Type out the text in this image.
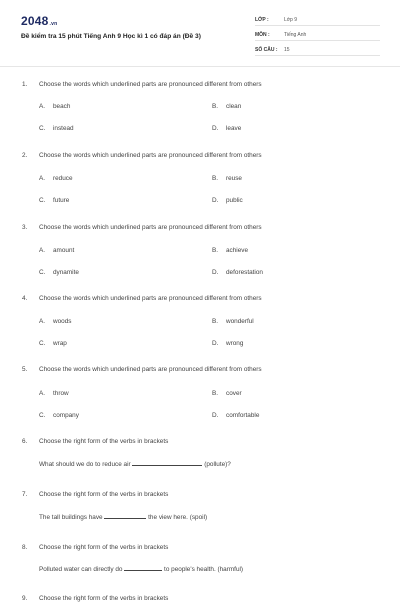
2048.vn
Đề kiểm tra 15 phút Tiếng Anh 9 Học kì 1 có đáp án (Đề 3)
LỚP :	Lớp 9
MÔN :	Tiếng Anh
SỐ CÂU : 15
1. Choose the words which underlined parts are pronounced different from others
A. beach	B. clean
C. instead	D. leave
2. Choose the words which underlined parts are pronounced different from others
A. reduce	B. reuse
C. future	D. public
3. Choose the words which underlined parts are pronounced different from others
A. amount	B. achieve
C. dynamite	D. deforestation
4. Choose the words which underlined parts are pronounced different from others
A. woods	B. wonderful
C. wrap	D. wrong
5. Choose the words which underlined parts are pronounced different from others
A. throw	B. cover
C. company	D. comfortable
6. Choose the right form of the verbs in brackets
What should we do to reduce air	(pollute)?
7. Choose the right form of the verbs in brackets
The tall buildings have	the view here. (spoil)
8. Choose the right form of the verbs in brackets
Polluted water can directly do	to people's health. (harmful)
9. Choose the right form of the verbs in brackets
